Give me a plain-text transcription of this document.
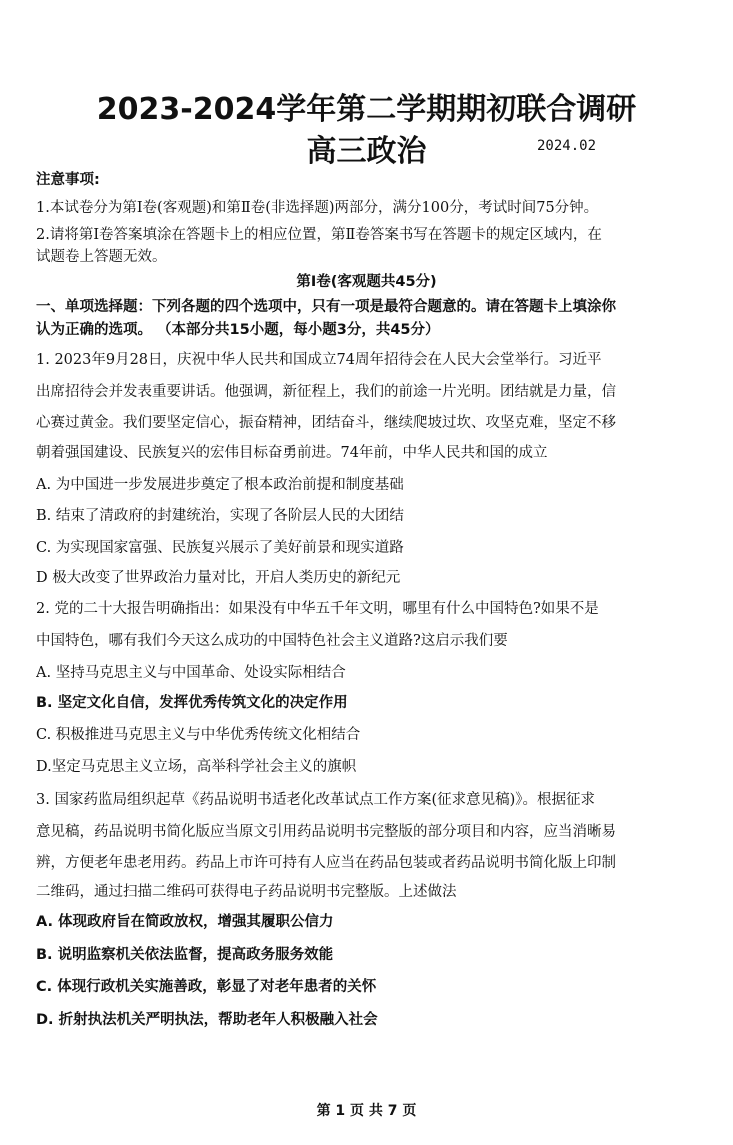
2023-2024学年第二学期期初联合调研
高三政治	2024.02
注意事项:
1.本试卷分为第Ⅰ卷(客观题)和第Ⅱ卷(非选择题)两部分，满分100分，考试时间75分钟。
2.请将第Ⅰ卷答案填涂在答题卡上的相应位置，第Ⅱ卷答案书写在答题卡的规定区域内，在
试题卷上答题无效。
第Ⅰ卷(客观题共45分)
一、单项选择题：下列各题的四个选项中，只有一项是最符合题意的。请在答题卡上填涂你
认为正确的选项。 （本部分共15小题，每小题3分，共45分）
1. 2023年9月28日，庆祝中华人民共和国成立74周年招待会在人民大会堂举行。习近平
出席招待会并发表重要讲话。他强调，新征程上，我们的前途一片光明。团结就是力量，信
心赛过黄金。我们要坚定信心，振奋精神，团结奋斗，继续爬坡过坎、攻坚克难，坚定不移
朝着强国建设、民族复兴的宏伟目标奋勇前进。74年前，中华人民共和国的成立
A. 为中国进一步发展进步奠定了根本政治前提和制度基础
B. 结束了清政府的封建统治，实现了各阶层人民的大团结
C. 为实现国家富强、民族复兴展示了美好前景和现实道路
D 极大改变了世界政治力量对比，开启人类历史的新纪元
2. 党的二十大报告明确指出：如果没有中华五千年文明，哪里有什么中国特色?如果不是
中国特色，哪有我们今天这么成功的中国特色社会主义道路?这启示我们要
A. 坚持马克思主义与中国革命、处设实际相结合
B. 坚定文化自信，发挥优秀传筑文化的决定作用
C. 积极推进马克思主义与中华优秀传统文化相结合
D.坚定马克思主义立场，高举科学社会主义的旗帜
3. 国家药监局组织起草《药品说明书适老化改革试点工作方案(征求意见稿)》。根据征求
意见稿，药品说明书简化版应当原文引用药品说明书完整版的部分项目和内容，应当消晰易
辨，方便老年患老用药。药品上市许可持有人应当在药品包装或者药品说明书简化版上印制
二维码，通过扫描二维码可获得电子药品说明书完整版。上述做法
A. 体现政府旨在简政放权，增强其履职公信力
B. 说明监察机关依法监督，提高政务服务效能
C. 体现行政机关实施善政，彰显了对老年患者的关怀
D. 折射执法机关严明执法，帮助老年人积极融入社会
第 1 页 共 7 页
